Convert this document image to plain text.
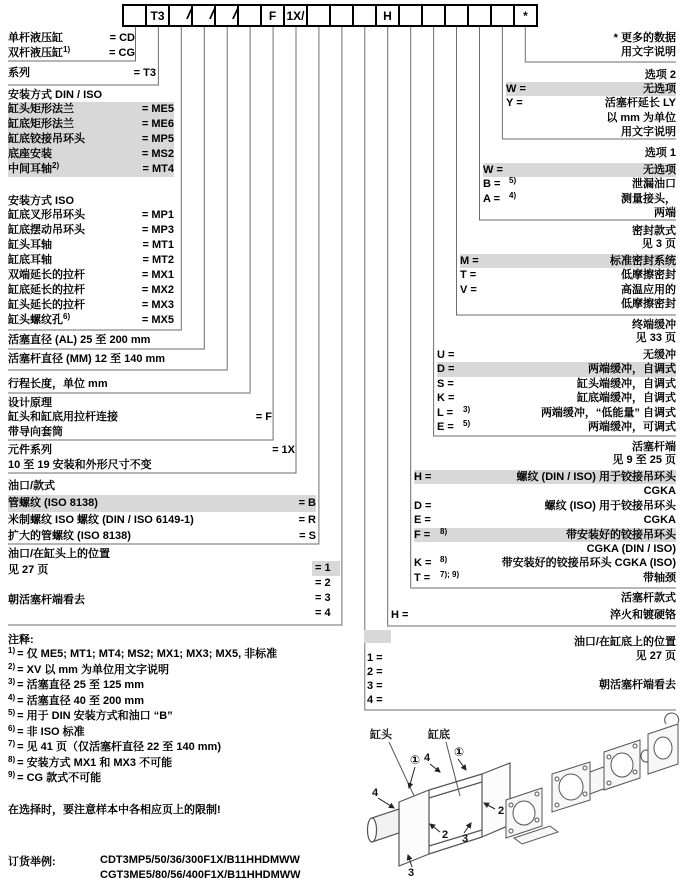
T3 / / / F 1X/	H	*
单杆液压缸	= CD
双杆液压缸 1)	= CG
系列	= T3
安装方式 DIN / ISO
缸头矩形法兰	= ME5
缸底矩形法兰	= ME6
缸底铰接吊环头	= MP5
底座安装	= MS2
中间耳轴 2)	= MT4
安装方式 ISO
缸底叉形吊环头	= MP1
缸底摆动吊环头	= MP3
缸头耳轴	= MT1
缸底耳轴	= MT2
双端延长的拉杆	= MX1
缸底延长的拉杆	= MX2
缸头延长的拉杆	= MX3
缸头螺纹孔 6)	= MX5
活塞直径 (AL) 25 至 200 mm
活塞杆直径 (MM) 12 至 140 mm
行程长度，单位 mm
设计原理
缸头和缸底用拉杆连接	= F
带导向套筒
元件系列	= 1X
10 至 19 安装和外形尺寸不变
油口/款式
管螺纹 (ISO 8138)	= B
米制螺纹 ISO 螺纹 (DIN / ISO 6149-1)	= R
扩大的管螺纹 (ISO 8138)	= S
油口/在缸头上的位置
见 27 页
朝活塞杆端看去
= 1
= 2
= 3
= 4
注释:
1) = 仅 ME5; MT1; MT4; MS2; MX1; MX3; MX5, 非标准
2) = XV 以 mm 为单位用文字说明
3) = 活塞直径 25 至 125 mm
4) = 活塞直径 40 至 200 mm
5) = 用于 DIN 安装方式和油口 “B”
6) = 非 ISO 标准
7) = 见 41 页（仅活塞杆直径 22 至 140 mm)
8) = 安装方式 MX1 和 MX3 不可能
9) = CG 款式不可能
在选择时，要注意样本中各相应页上的限制!
订货举例:	CDT3MP5/50/36/300F1X/B11HHDMWW
CGT3ME5/80/56/400F1X/B11HHDMWW
* 更多的数据
用文字说明
选项 2
W =	无选项
Y =	活塞杆延长 LY
以 mm 为单位
用文字说明
选项 1
W =	无选项
B =	5)	泄漏油口
A =	4)	测量接头，
两端
密封款式
见 3 页
M =	标准密封系统
T =	低摩擦密封
V =	高温应用的
低摩擦密封
终端缓冲
见 33 页
U =	无缓冲
D =	两端缓冲，自调式
S =	缸头端缓冲，自调式
K =	缸底端缓冲，自调式
L =	3)	两端缓冲，“低能量” 自调式
E =	5)	两端缓冲，可调式
活塞杆端
见 9 至 25 页
H =	螺纹 (DIN / ISO) 用于铰接吊环头
CGKA
D =	螺纹 (ISO) 用于铰接吊环头
E =	CGKA
F =	8)	带安装好的铰接吊环头
CGKA (DIN / ISO)
K =	8)	带安装好的铰接吊环头 CGKA (ISO)
T =	7); 9)	带轴颈
活塞杆款式
H =	淬火和镀硬铬
油口/在缸底上的位置
见 27 页
朝活塞杆端看去
1 =
2 =
3 =
4 =
缸头	缸底
① 4 ①
4
2
2 3
3
